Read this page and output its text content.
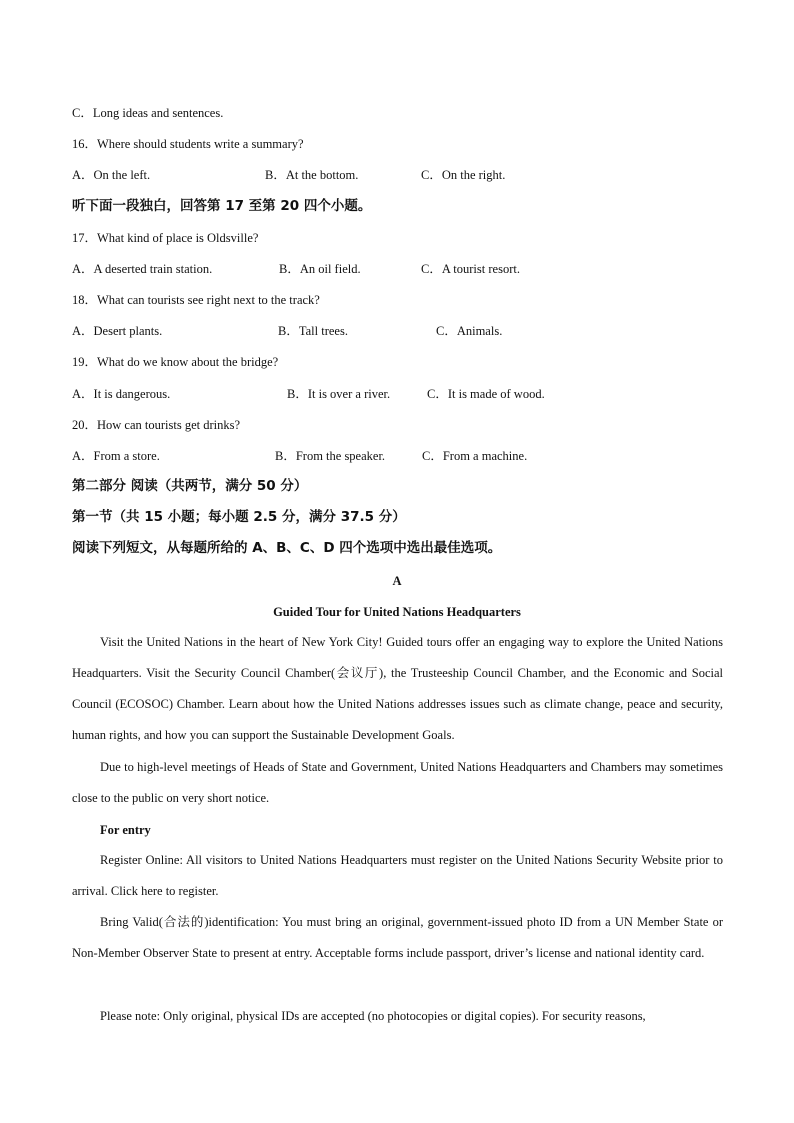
C．Long ideas and sentences.
16．Where should students write a summary?
A．On the left.	B．At the bottom.	C．On the right.
听下面一段独白，回答第 17 至第 20 四个小题。
17．What kind of place is Oldsville?
A．A deserted train station.	B．An oil field.	C．A tourist resort.
18．What can tourists see right next to the track?
A．Desert plants.	B．Tall trees.	C．Animals.
19．What do we know about the bridge?
A．It is dangerous.	B．It is over a river.	C．It is made of wood.
20．How can tourists get drinks?
A．From a store.	B．From the speaker.	C．From a machine.
第二部分 阅读（共两节，满分 50 分）
第一节（共 15 小题；每小题 2.5 分，满分 37.5 分）
阅读下列短文，从每题所给的 A、B、C、D 四个选项中选出最佳选项。
A
Guided Tour for United Nations Headquarters

Visit the United Nations in the heart of New York City! Guided tours offer an engaging way to explore the United Nations Headquarters. Visit the Security Council Chamber(会议厅), the Trusteeship Council Chamber, and the Economic and Social Council (ECOSOC) Chamber. Learn about how the United Nations addresses issues such as climate change, peace and security, human rights, and how you can support the Sustainable Development Goals.

Due to high-level meetings of Heads of State and Government, United Nations Headquarters and Chambers may sometimes close to the public on very short notice.

For entry

Register Online: All visitors to United Nations Headquarters must register on the United Nations Security Website prior to arrival. Click here to register.

Bring Valid(合法的)identification: You must bring an original, government-issued photo ID from a UN Member State or Non-Member Observer State to present at entry. Acceptable forms include passport, driver’s license and national identity card.

Please note: Only original, physical IDs are accepted (no photocopies or digital copies). For security reasons,
